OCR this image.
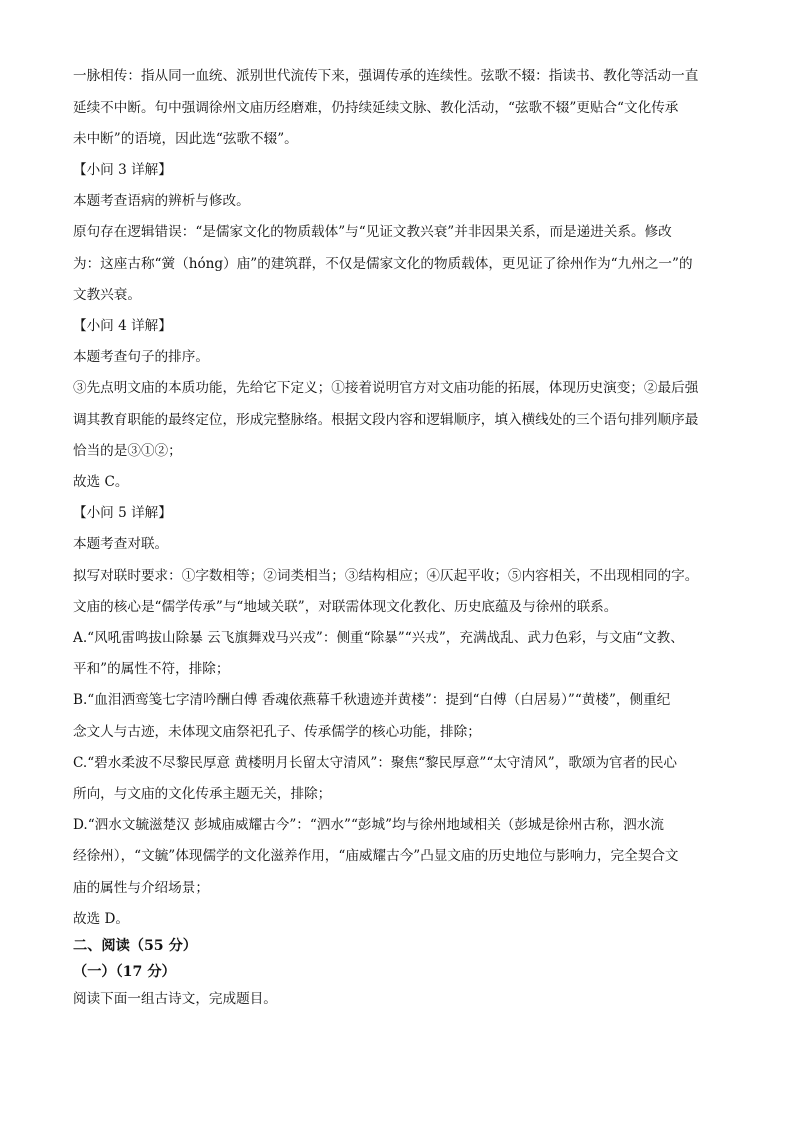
一脉相传：指从同一血统、派别世代流传下来，强调传承的连续性。弦歌不辍：指读书、教化等活动一直
延续不中断。句中强调徐州文庙历经磨难，仍持续延续文脉、教化活动，“弦歌不辍”更贴合“文化传承
未中断”的语境，因此选“弦歌不辍”。
【小问 3 详解】
本题考查语病的辨析与修改。
原句存在逻辑错误：“是儒家文化的物质载体”与“见证文教兴衰”并非因果关系，而是递进关系。修改
为：这座古称“黉（hóng）庙”的建筑群，不仅是儒家文化的物质载体，更见证了徐州作为“九州之一”的
文教兴衰。
【小问 4 详解】
本题考查句子的排序。
③先点明文庙的本质功能，先给它下定义；①接着说明官方对文庙功能的拓展，体现历史演变；②最后强
调其教育职能的最终定位，形成完整脉络。根据文段内容和逻辑顺序，填入横线处的三个语句排列顺序最
恰当的是③①②；
故选 C。
【小问 5 详解】
本题考查对联。
拟写对联时要求：①字数相等；②词类相当；③结构相应；④仄起平收；⑤内容相关，不出现相同的字。
文庙的核心是“儒学传承”与“地域关联”，对联需体现文化教化、历史底蕴及与徐州的联系。
A.“风吼雷鸣拔山除暴 云飞旗舞戏马兴戎”：侧重“除暴”“兴戎”，充满战乱、武力色彩，与文庙“文教、
平和”的属性不符，排除；
B.“血泪洒鸾笺七字清吟酬白傅 香魂依燕幕千秋遗迹并黄楼”：提到“白傅（白居易）”“黄楼”，侧重纪
念文人与古迹，未体现文庙祭祀孔子、传承儒学的核心功能，排除；
C.“碧水柔波不尽黎民厚意 黄楼明月长留太守清风”：聚焦“黎民厚意”“太守清风”，歌颂为官者的民心
所向，与文庙的文化传承主题无关，排除；
D.“泗水文毓滋楚汉 彭城庙威耀古今”：“泗水”“彭城”均与徐州地域相关（彭城是徐州古称，泗水流
经徐州），“文毓”体现儒学的文化滋养作用，“庙威耀古今”凸显文庙的历史地位与影响力，完全契合文
庙的属性与介绍场景；
故选 D。
二、阅读（55 分）
（一）（17 分）
阅读下面一组古诗文，完成题目。
